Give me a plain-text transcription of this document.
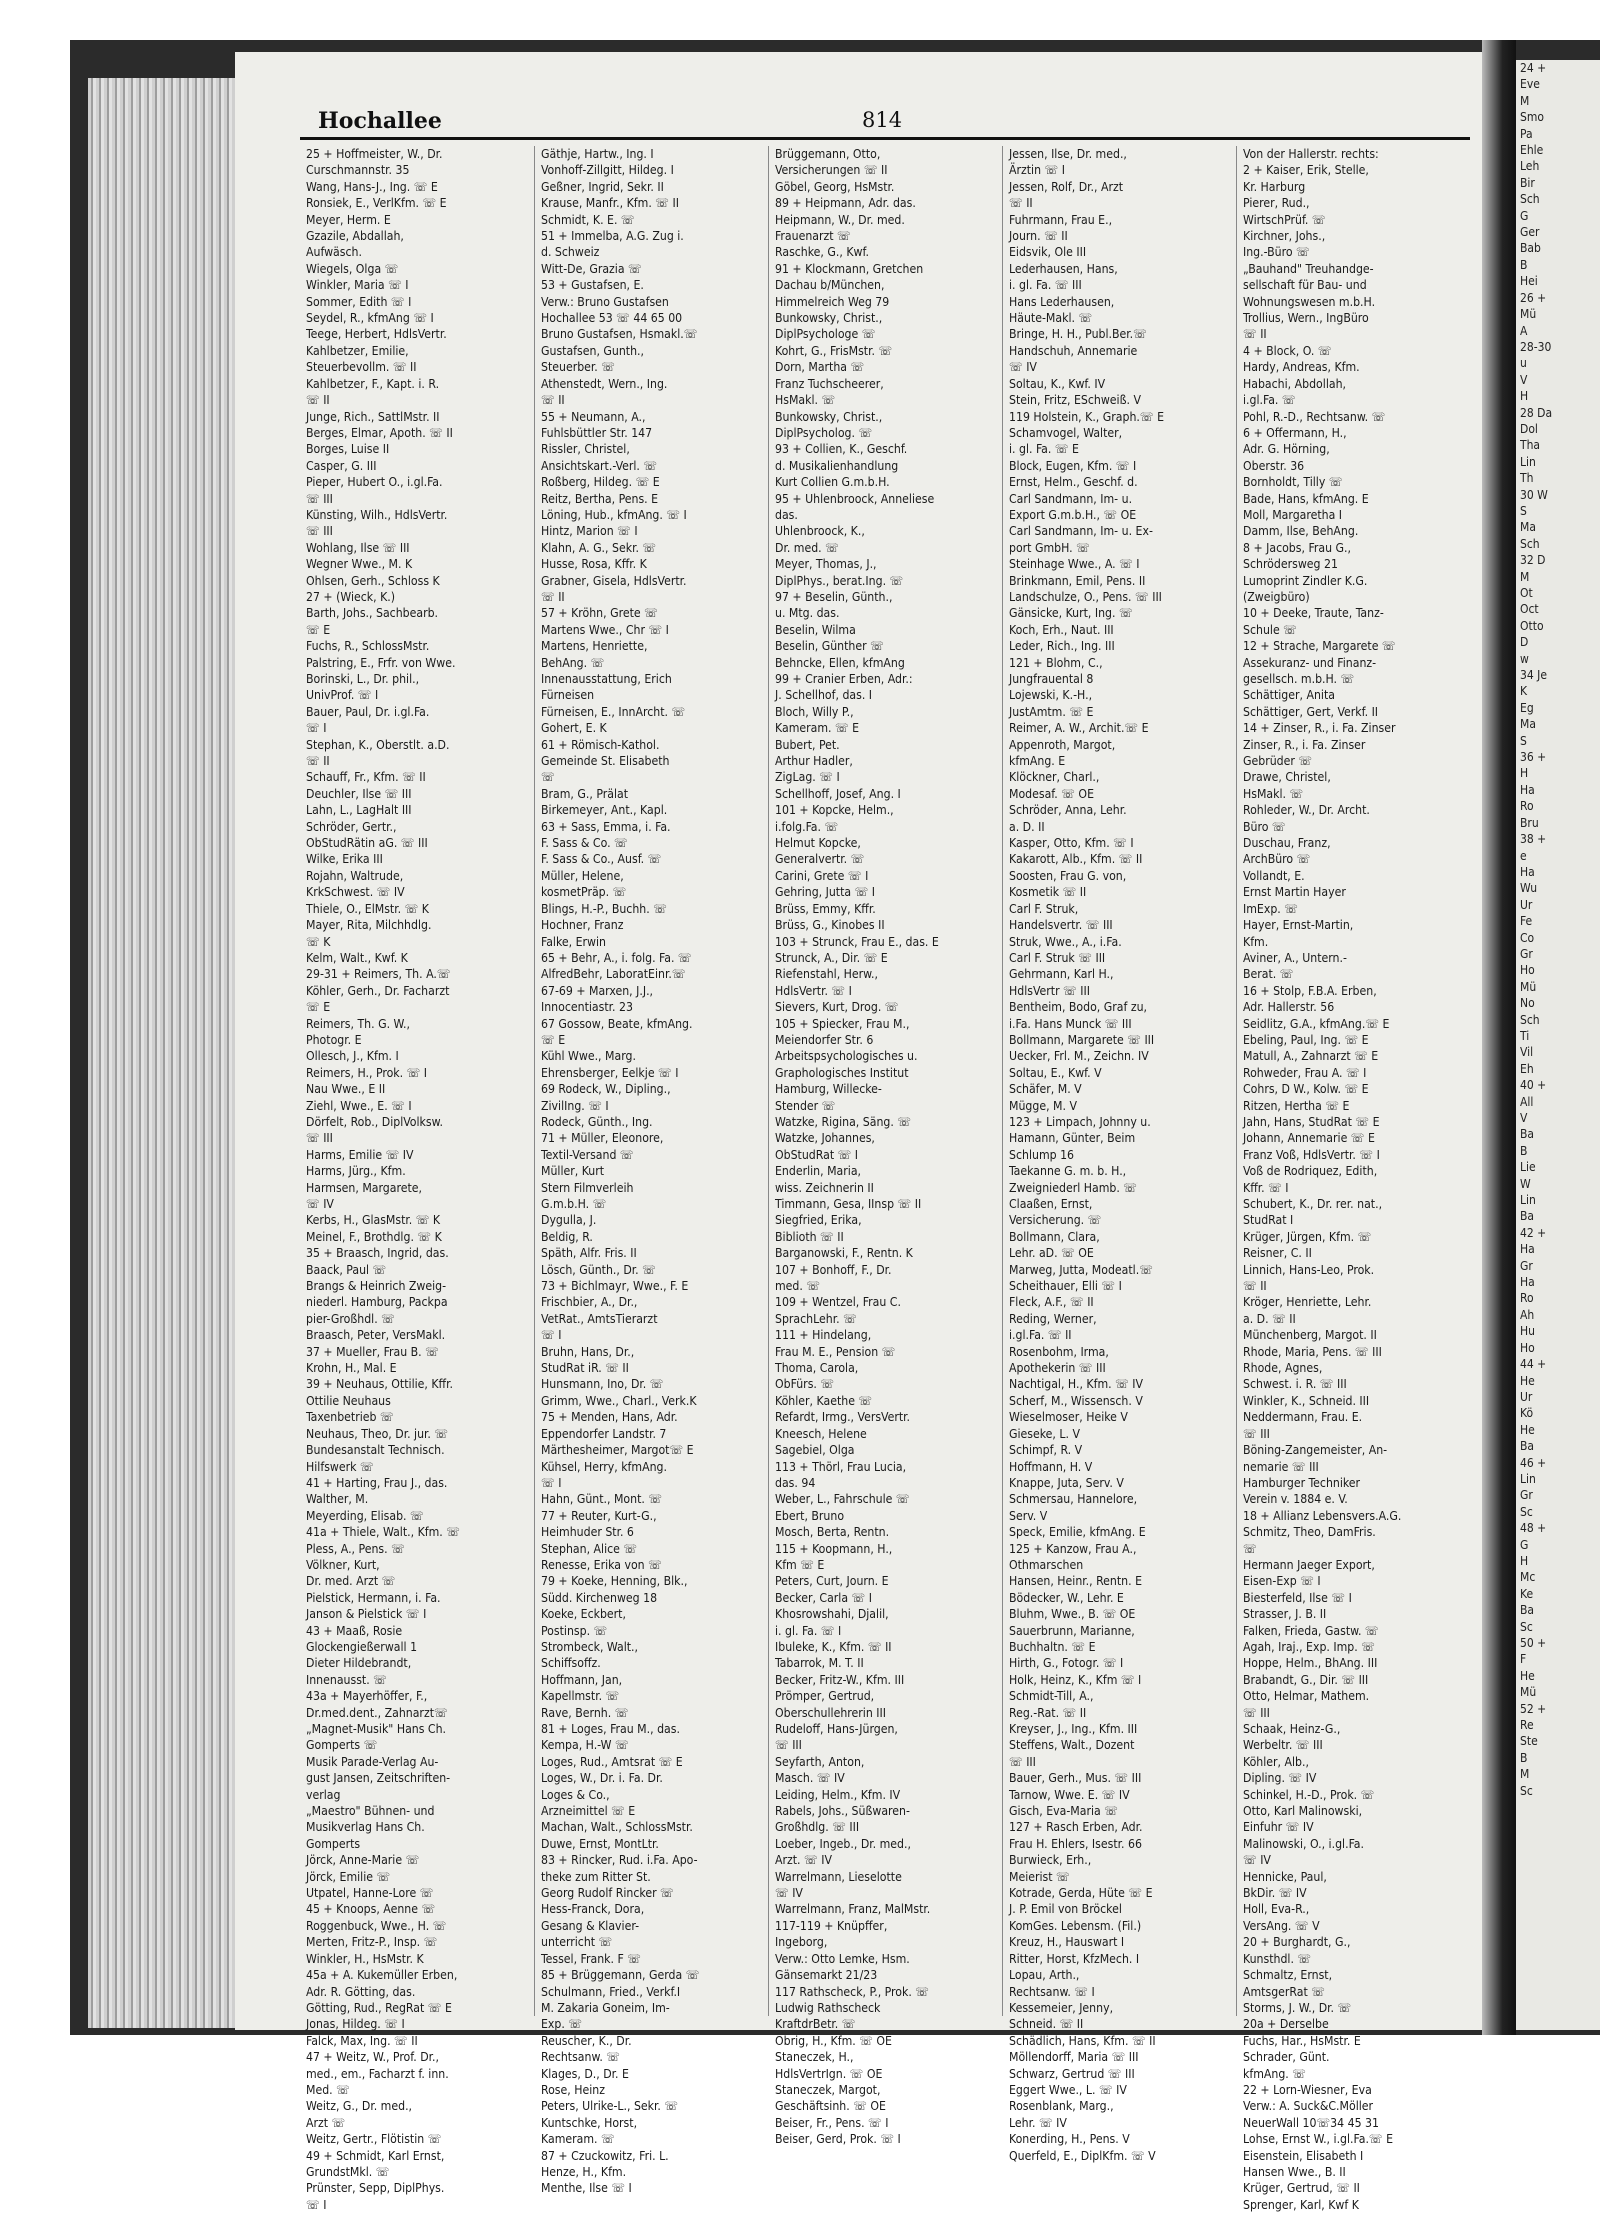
24 +
Eve
M
Smo
Pa
Ehle
Leh
Bir
Sch
G
Ger
Bab
B
Hei
26 +
Mü
A
28-30
u
V
H
28 Da
Dol
Tha
Lin
Th
30 W
S
Ma
Sch
32 D
M
Ot
Oct
Otto
D
w
34 Je
K
Eg
Ma
S
36 +
H
Ha
Ro
Bru
38 +
e
Ha
Wu
Ur
Fe
Co
Gr
Ho
Mü
No
Sch
Ti
Vil
Eh
40 +
All
V
Ba
B
Lie
W
Lin
Ba
42 +
Ha
Gr
Ha
Ro
Ah
Hu
Ho
44 +
He
Ur
Kö
He
Ba
46 +
Lin
Gr
Sc
48 +
G
H
Mc
Ke
Ba
Sc
50 +
F
He
Mü
52 +
Re
Ste
B
M
Sc
Hochallee	814
25 + Hoffmeister, W., Dr.
Curschmannstr. 35
Wang, Hans-J., Ing. ☏ E
Ronsiek, E., VerlKfm. ☏ E
Meyer, Herm. E
Gzazile, Abdallah,
Aufwäsch.
Wiegels, Olga ☏
Winkler, Maria ☏ I
Sommer, Edith ☏ I
Seydel, R., kfmAng ☏ I
Teege, Herbert, HdlsVertr.
Kahlbetzer, Emilie,
Steuerbevollm. ☏ II
Kahlbetzer, F., Kapt. i. R.
☏ II
Junge, Rich., SattlMstr. II
Berges, Elmar, Apoth. ☏ II
Borges, Luise II
Casper, G. III
Pieper, Hubert O., i.gl.Fa.
☏ III
Künsting, Wilh., HdlsVertr.
☏ III
Wohlang, Ilse ☏ III
Wegner Wwe., M. K
Ohlsen, Gerh., Schloss K
27 + (Wieck, K.)
Barth, Johs., Sachbearb.
☏ E
Fuchs, R., SchlossMstr.
Palstring, E., Frfr. von Wwe.
Borinski, L., Dr. phil.,
UnivProf. ☏ I
Bauer, Paul, Dr. i.gl.Fa.
☏ I
Stephan, K., Oberstlt. a.D.
☏ II
Schauff, Fr., Kfm. ☏ II
Deuchler, Ilse ☏ III
Lahn, L., LagHalt III
Schröder, Gertr.,
ObStudRätin aG. ☏ III
Wilke, Erika III
Rojahn, Waltrude,
KrkSchwest. ☏ IV
Thiele, O., ElMstr. ☏ K
Mayer, Rita, Milchhdlg.
☏ K
Kelm, Walt., Kwf. K
29-31 + Reimers, Th. A.☏
Köhler, Gerh., Dr. Facharzt
☏ E
Reimers, Th. G. W.,
Photogr. E
Ollesch, J., Kfm. I
Reimers, H., Prok. ☏ I
Nau Wwe., E II
Ziehl, Wwe., E. ☏ I
Dörfelt, Rob., DiplVolksw.
☏ III
Harms, Emilie ☏ IV
Harms, Jürg., Kfm.
Harmsen, Margarete,
☏ IV
Kerbs, H., GlasMstr. ☏ K
Meinel, F., Brothdlg. ☏ K
35 + Braasch, Ingrid, das.
Baack, Paul ☏
Brangs & Heinrich Zweig-
niederl. Hamburg, Packpa
pier-Großhdl. ☏
Braasch, Peter, VersMakl.
37 + Mueller, Frau B. ☏
Krohn, H., Mal. E
39 + Neuhaus, Ottilie, Kffr.
Ottilie Neuhaus
Taxenbetrieb ☏
Neuhaus, Theo, Dr. jur. ☏
Bundesanstalt Technisch.
Hilfswerk ☏
41 + Harting, Frau J., das.
Walther, M.
Meyerding, Elisab. ☏
41a + Thiele, Walt., Kfm. ☏
Pless, A., Pens. ☏
Völkner, Kurt,
Dr. med. Arzt ☏
Pielstick, Hermann, i. Fa.
Janson & Pielstick ☏ I
43 + Maaß, Rosie
Glockengießerwall 1
Dieter Hildebrandt,
Innenausst. ☏
43a + Mayerhöffer, F.,
Dr.med.dent., Zahnarzt☏
„Magnet-Musik" Hans Ch.
Gomperts ☏
Musik Parade-Verlag Au-
gust Jansen, Zeitschriften-
verlag
„Maestro" Bühnen- und
Musikverlag Hans Ch.
Gomperts
Jörck, Anne-Marie ☏
Jörck, Emilie ☏
Utpatel, Hanne-Lore ☏
45 + Knoops, Aenne ☏
Roggenbuck, Wwe., H. ☏
Merten, Fritz-P., Insp. ☏
Winkler, H., HsMstr. K
45a + A. Kukemüller Erben,
Adr. R. Götting, das.
Götting, Rud., RegRat ☏ E
Jonas, Hildeg. ☏ I
Falck, Max, Ing. ☏ II
47 + Weitz, W., Prof. Dr.,
med., em., Facharzt f. inn.
Med. ☏
Weitz, G., Dr. med.,
Arzt ☏
Weitz, Gertr., Flötistin ☏
49 + Schmidt, Karl Ernst,
GrundstMkl. ☏
Prünster, Sepp, DiplPhys.
☏ I
Gäthje, Hartw., Ing. I
Vonhoff-Zillgitt, Hildeg. I
Geßner, Ingrid, Sekr. II
Krause, Manfr., Kfm. ☏ II
Schmidt, K. E. ☏
51 + Immelba, A.G. Zug i.
d. Schweiz
Witt-De, Grazia ☏
53 + Gustafsen, E.
Verw.: Bruno Gustafsen
Hochallee 53 ☏ 44 65 00
Bruno Gustafsen, Hsmakl.☏
Gustafsen, Gunth.,
Steuerber. ☏
Athenstedt, Wern., Ing.
☏ II
55 + Neumann, A.,
Fuhlsbüttler Str. 147
Rissler, Christel,
Ansichtskart.-Verl. ☏
Roßberg, Hildeg. ☏ E
Reitz, Bertha, Pens. E
Löning, Hub., kfmAng. ☏ I
Hintz, Marion ☏ I
Klahn, A. G., Sekr. ☏
Husse, Rosa, Kffr. K
Grabner, Gisela, HdlsVertr.
☏ II
57 + Kröhn, Grete ☏
Martens Wwe., Chr ☏ I
Martens, Henriette,
BehAng. ☏
Innenausstattung, Erich
Fürneisen
Fürneisen, E., InnArcht. ☏
Gohert, E. K
61 + Römisch-Kathol.
Gemeinde St. Elisabeth
☏
Bram, G., Prälat
Birkemeyer, Ant., Kapl.
63 + Sass, Emma, i. Fa.
F. Sass & Co. ☏
F. Sass & Co., Ausf. ☏
Müller, Helene,
kosmetPräp. ☏
Blings, H.-P., Buchh. ☏
Hochner, Franz
Falke, Erwin
65 + Behr, A., i. folg. Fa. ☏
AlfredBehr, LaboratEinr.☏
67-69 + Marxen, J.J.,
Innocentiastr. 23
67 Gossow, Beate, kfmAng.
☏ E
Kühl Wwe., Marg.
Ehrensberger, Eelkje ☏ I
69 Rodeck, W., Dipling.,
ZivilIng. ☏ I
Rodeck, Günth., Ing.
71 + Müller, Eleonore,
Textil-Versand ☏
Müller, Kurt
Stern Filmverleih
G.m.b.H. ☏
Dygulla, J.
Beldig, R.
Späth, Alfr. Fris. II
Lösch, Günth., Dr. ☏
73 + Bichlmayr, Wwe., F. E
Frischbier, A., Dr.,
VetRat., AmtsTierarzt
☏ I
Bruhn, Hans, Dr.,
StudRat iR. ☏ II
Hunsmann, Ino, Dr. ☏
Grimm, Wwe., Charl., Verk.K
75 + Menden, Hans, Adr.
Eppendorfer Landstr. 7
Märthesheimer, Margot☏ E
Kühsel, Herry, kfmAng.
☏ I
Hahn, Günt., Mont. ☏
77 + Reuter, Kurt-G.,
Heimhuder Str. 6
Stephan, Alice ☏
Renesse, Erika von ☏
79 + Koeke, Henning, Blk.,
Südd. Kirchenweg 18
Koeke, Eckbert,
Postinsp. ☏
Strombeck, Walt.,
Schiffsoffz.
Hoffmann, Jan,
Kapellmstr. ☏
Rave, Bernh. ☏
81 + Loges, Frau M., das.
Kempa, H.-W ☏
Loges, Rud., Amtsrat ☏ E
Loges, W., Dr. i. Fa. Dr.
Loges & Co.,
Arzneimittel ☏ E
Machan, Walt., SchlossMstr.
Duwe, Ernst, MontLtr.
83 + Rincker, Rud. i.Fa. Apo-
theke zum Ritter St.
Georg Rudolf Rincker ☏
Hess-Franck, Dora,
Gesang & Klavier-
unterricht ☏
Tessel, Frank. F ☏
85 + Brüggemann, Gerda ☏
Schulmann, Fried., Verkf.I
M. Zakaria Goneim, Im-
Exp. ☏
Reuscher, K., Dr.
Rechtsanw. ☏
Klages, D., Dr. E
Rose, Heinz
Peters, Ulrike-L., Sekr. ☏
Kuntschke, Horst,
Kameram. ☏
87 + Czuckowitz, Fri. L.
Henze, H., Kfm.
Menthe, Ilse ☏ I
Brüggemann, Otto,
Versicherungen ☏ II
Göbel, Georg, HsMstr.
89 + Heipmann, Adr. das.
Heipmann, W., Dr. med.
Frauenarzt ☏
Raschke, G., Kwf.
91 + Klockmann, Gretchen
Dachau b/München,
Himmelreich Weg 79
Bunkowsky, Christ.,
DiplPsychologe ☏
Kohrt, G., FrisMstr. ☏
Dorn, Martha ☏
Franz Tuchscheerer,
HsMakl. ☏
Bunkowsky, Christ.,
DiplPsycholog. ☏
93 + Collien, K., Geschf.
d. Musikalienhandlung
Kurt Collien G.m.b.H.
95 + Uhlenbroock, Anneliese
das.
Uhlenbroock, K.,
Dr. med. ☏
Meyer, Thomas, J.,
DiplPhys., berat.Ing. ☏
97 + Beselin, Günth.,
u. Mtg. das.
Beselin, Wilma
Beselin, Günther ☏
Behncke, Ellen, kfmAng
99 + Cranier Erben, Adr.:
J. Schellhof, das. I
Bloch, Willy P.,
Kameram. ☏ E
Bubert, Pet.
Arthur Hadler,
ZigLag. ☏ I
Schellhoff, Josef, Ang. I
101 + Kopcke, Helm.,
i.folg.Fa. ☏
Helmut Kopcke,
Generalvertr. ☏
Carini, Grete ☏ I
Gehring, Jutta ☏ I
Brüss, Emmy, Kffr.
Brüss, G., Kinobes II
103 + Strunck, Frau E., das. E
Strunck, A., Dir. ☏ E
Riefenstahl, Herw.,
HdlsVertr. ☏ I
Sievers, Kurt, Drog. ☏
105 + Spiecker, Frau M.,
Meiendorfer Str. 6
Arbeitspsychologisches u.
Graphologisches Institut
Hamburg, Willecke-
Stender ☏
Watzke, Rigina, Säng. ☏
Watzke, Johannes,
ObStudRat ☏ I
Enderlin, Maria,
wiss. Zeichnerin II
Timmann, Gesa, IInsp ☏ II
Siegfried, Erika,
Biblioth ☏ II
Barganowski, F., Rentn. K
107 + Bonhoff, F., Dr.
med. ☏
109 + Wentzel, Frau C.
SprachLehr. ☏
111 + Hindelang,
Frau M. E., Pension ☏
Thoma, Carola,
ObFürs. ☏
Köhler, Kaethe ☏
Refardt, Irmg., VersVertr.
Kneesch, Helene
Sagebiel, Olga
113 + Thörl, Frau Lucia,
das. 94
Weber, L., Fahrschule ☏
Ebert, Bruno
Mosch, Berta, Rentn.
115 + Koopmann, H.,
Kfm ☏ E
Peters, Curt, Journ. E
Becker, Carla ☏ I
Khosrowshahi, Djalil,
i. gl. Fa. ☏ I
Ibuleke, K., Kfm. ☏ II
Tabarrok, M. T. II
Becker, Fritz-W., Kfm. III
Prömper, Gertrud,
Oberschullehrerin III
Rudeloff, Hans-Jürgen,
☏ III
Seyfarth, Anton,
Masch. ☏ IV
Leiding, Helm., Kfm. IV
Rabels, Johs., Süßwaren-
Großhdlg. ☏ III
Loeber, Ingeb., Dr. med.,
Arzt. ☏ IV
Warrelmann, Lieselotte
☏ IV
Warrelmann, Franz, MalMstr.
117-119 + Knüpffer,
Ingeborg,
Verw.: Otto Lemke, Hsm.
Gänsemarkt 21/23
117 Rathscheck, P., Prok. ☏
Ludwig Rathscheck
KraftdrBetr. ☏
Obrig, H., Kfm. ☏ OE
Staneczek, H.,
HdlsVertrIgn. ☏ OE
Staneczek, Margot,
Geschäftsinh. ☏ OE
Beiser, Fr., Pens. ☏ I
Beiser, Gerd, Prok. ☏ I
Jessen, Ilse, Dr. med.,
Ärztin ☏ I
Jessen, Rolf, Dr., Arzt
☏ II
Fuhrmann, Frau E.,
Journ. ☏ II
Eidsvik, Ole III
Lederhausen, Hans,
i. gl. Fa. ☏ III
Hans Lederhausen,
Häute-Makl. ☏
Bringe, H. H., Publ.Ber.☏
Handschuh, Annemarie
☏ IV
Soltau, K., Kwf. IV
Stein, Fritz, ESchweiß. V
119 Holstein, K., Graph.☏ E
Schamvogel, Walter,
i. gl. Fa. ☏ E
Block, Eugen, Kfm. ☏ I
Ernst, Helm., Geschf. d.
Carl Sandmann, Im- u.
Export G.m.b.H., ☏ OE
Carl Sandmann, Im- u. Ex-
port GmbH. ☏
Steinhage Wwe., A. ☏ I
Brinkmann, Emil, Pens. II
Landschulze, O., Pens. ☏ III
Gänsicke, Kurt, Ing. ☏
Koch, Erh., Naut. III
Leder, Rich., Ing. III
121 + Blohm, C.,
Jungfrauental 8
Lojewski, K.-H.,
JustAmtm. ☏ E
Reimer, A. W., Archit.☏ E
Appenroth, Margot,
kfmAng. E
Klöckner, Charl.,
Modesaf. ☏ OE
Schröder, Anna, Lehr.
a. D. II
Kasper, Otto, Kfm. ☏ I
Kakarott, Alb., Kfm. ☏ II
Soosten, Frau G. von,
Kosmetik ☏ II
Carl F. Struk,
Handelsvertr. ☏ III
Struk, Wwe., A., i.Fa.
Carl F. Struk ☏ III
Gehrmann, Karl H.,
HdlsVertr ☏ III
Bentheim, Bodo, Graf zu,
i.Fa. Hans Munck ☏ III
Bollmann, Margarete ☏ III
Uecker, Frl. M., Zeichn. IV
Soltau, E., Kwf. V
Schäfer, M. V
Mügge, M. V
123 + Limpach, Johnny u.
Hamann, Günter, Beim
Schlump 16
Taekanne G. m. b. H.,
Zweigniederl Hamb. ☏
Claaßen, Ernst,
Versicherung. ☏
Bollmann, Clara,
Lehr. aD. ☏ OE
Marweg, Jutta, Modeatl.☏
Scheithauer, Elli ☏ I
Fleck, A.F., ☏ II
Reding, Werner,
i.gl.Fa. ☏ II
Rosenbohm, Irma,
Apothekerin ☏ III
Nachtigal, H., Kfm. ☏ IV
Scherf, M., Wissensch. V
Wieselmoser, Heike V
Gieseke, L. V
Schimpf, R. V
Hoffmann, H. V
Knappe, Juta, Serv. V
Schmersau, Hannelore,
Serv. V
Speck, Emilie, kfmAng. E
125 + Kanzow, Frau A.,
Othmarschen
Hansen, Heinr., Rentn. E
Bödecker, W., Lehr. E
Bluhm, Wwe., B. ☏ OE
Sauerbrunn, Marianne,
Buchhaltn. ☏ E
Hirth, G., Fotogr. ☏ I
Holk, Heinz, K., Kfm ☏ I
Schmidt-Till, A.,
Reg.-Rat. ☏ II
Kreyser, J., Ing., Kfm. III
Steffens, Walt., Dozent
☏ III
Bauer, Gerh., Mus. ☏ III
Tarnow, Wwe. E. ☏ IV
Gisch, Eva-Maria ☏
127 + Rasch Erben, Adr.
Frau H. Ehlers, Isestr. 66
Burwieck, Erh.,
Meierist ☏
Kotrade, Gerda, Hüte ☏ E
J. P. Emil von Bröckel
KomGes. Lebensm. (Fil.)
Kreuz, H., Hauswart I
Ritter, Horst, KfzMech. I
Lopau, Arth.,
Rechtsanw. ☏ I
Kessemeier, Jenny,
Schneid. ☏ II
Schädlich, Hans, Kfm. ☏ II
Möllendorff, Maria ☏ III
Schwarz, Gertrud ☏ III
Eggert Wwe., L. ☏ IV
Rosenblank, Marg.,
Lehr. ☏ IV
Konerding, H., Pens. V
Querfeld, E., DiplKfm. ☏ V
Von der Hallerstr. rechts:
2 + Kaiser, Erik, Stelle,
Kr. Harburg
Pierer, Rud.,
WirtschPrüf. ☏
Kirchner, Johs.,
Ing.-Büro ☏
„Bauhand" Treuhandge-
sellschaft für Bau- und
Wohnungswesen m.b.H.
Trollius, Wern., IngBüro
☏ II
4 + Block, O. ☏
Hardy, Andreas, Kfm.
Habachi, Abdollah,
i.gl.Fa. ☏
Pohl, R.-D., Rechtsanw. ☏
6 + Offermann, H.,
Adr. G. Hörning,
Oberstr. 36
Bornholdt, Tilly ☏
Bade, Hans, kfmAng. E
Moll, Margaretha I
Damm, Ilse, BehAng.
8 + Jacobs, Frau G.,
Schrödersweg 21
Lumoprint Zindler K.G.
(Zweigbüro)
10 + Deeke, Traute, Tanz-
Schule ☏
12 + Strache, Margarete ☏
Assekuranz- und Finanz-
gesellsch. m.b.H. ☏
Schättiger, Anita
Schättiger, Gert, Verkf. II
14 + Zinser, R., i. Fa. Zinser
Zinser, R., i. Fa. Zinser
Gebrüder ☏
Drawe, Christel,
HsMakl. ☏
Rohleder, W., Dr. Archt.
Büro ☏
Duschau, Franz,
ArchBüro ☏
Vollandt, E.
Ernst Martin Hayer
ImExp. ☏
Hayer, Ernst-Martin,
Kfm.
Aviner, A., Untern.-
Berat. ☏
16 + Stolp, F.B.A. Erben,
Adr. Hallerstr. 56
Seidlitz, G.A., kfmAng.☏ E
Ebeling, Paul, Ing. ☏ E
Matull, A., Zahnarzt ☏ E
Rohweder, Frau A. ☏ I
Cohrs, D W., Kolw. ☏ E
Ritzen, Hertha ☏ E
Jahn, Hans, StudRat ☏ E
Johann, Annemarie ☏ E
Franz Voß, HdlsVertr. ☏ I
Voß de Rodriquez, Edith,
Kffr. ☏ I
Schubert, K., Dr. rer. nat.,
StudRat I
Krüger, Jürgen, Kfm. ☏
Reisner, C. II
Linnich, Hans-Leo, Prok.
☏ II
Kröger, Henriette, Lehr.
a. D. ☏ II
Münchenberg, Margot. II
Rhode, Maria, Pens. ☏ III
Rhode, Agnes,
Schwest. i. R. ☏ III
Winkler, K., Schneid. III
Neddermann, Frau. E.
☏ III
Böning-Zangemeister, An-
nemarie ☏ III
Hamburger Techniker
Verein v. 1884 e. V.
18 + Allianz Lebensvers.A.G.
Schmitz, Theo, DamFris.
☏
Hermann Jaeger Export,
Eisen-Exp ☏ I
Biesterfeld, Ilse ☏ I
Strasser, J. B. II
Falken, Frieda, Gastw. ☏
Agah, Iraj., Exp. Imp. ☏
Hoppe, Helm., BhAng. III
Brabandt, G., Dir. ☏ III
Otto, Helmar, Mathem.
☏ III
Schaak, Heinz-G.,
Werbeltr. ☏ III
Köhler, Alb.,
Dipling. ☏ IV
Schinkel, H.-D., Prok. ☏
Otto, Karl Malinowski,
Einfuhr ☏ IV
Malinowski, O., i.gl.Fa.
☏ IV
Hennicke, Paul,
BkDir. ☏ IV
Holl, Eva-R.,
VersAng. ☏ V
20 + Burghardt, G.,
Kunsthdl. ☏
Schmaltz, Ernst,
AmtsgerRat ☏
Storms, J. W., Dr. ☏
20a + Derselbe
Fuchs, Har., HsMstr. E
Schrader, Günt.
kfmAng. ☏
22 + Lorn-Wiesner, Eva
Verw.: A. Suck&C.Möller
NeuerWall 10☏34 45 31
Lohse, Ernst W., i.gl.Fa.☏ E
Eisenstein, Elisabeth I
Hansen Wwe., B. II
Krüger, Gertrud, ☏ II
Sprenger, Karl, Kwf K
